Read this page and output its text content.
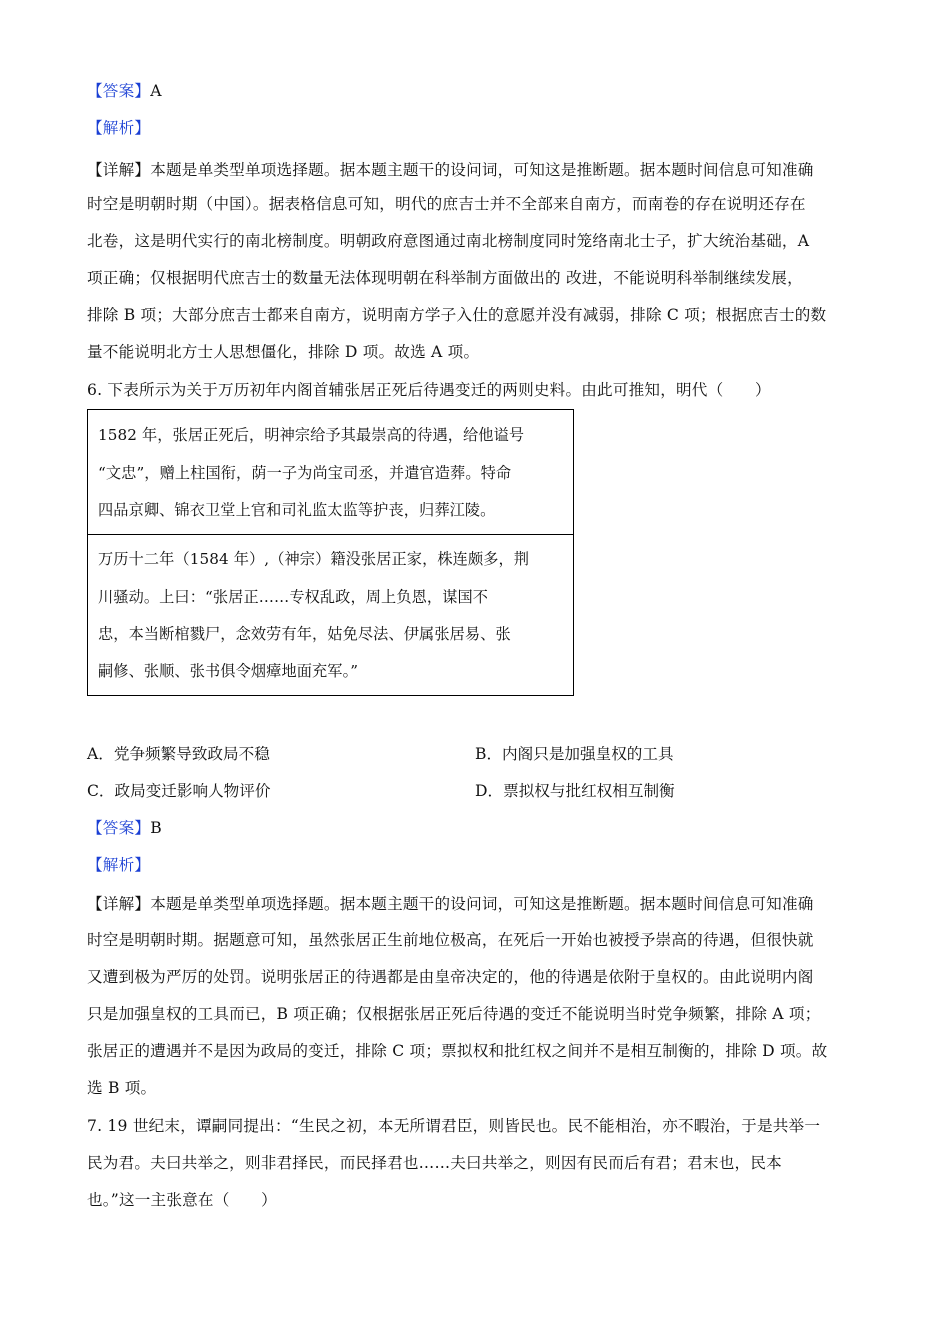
【答案】A
【解析】
【详解】本题是单类型单项选择题。据本题主题干的设问词，可知这是推断题。据本题时间信息可知准确
时空是明朝时期（中国）。据表格信息可知，明代的庶吉士并不全部来自南方，而南卷的存在说明还存在
北卷，这是明代实行的南北榜制度。明朝政府意图通过南北榜制度同时笼络南北士子，扩大统治基础，A
项正确；仅根据明代庶吉士的数量无法体现明朝在科举制方面做出的 改进，不能说明科举制继续发展，
排除 B 项；大部分庶吉士都来自南方，说明南方学子入仕的意愿并没有减弱，排除 C 项；根据庶吉士的数
量不能说明北方士人思想僵化，排除 D 项。故选 A 项。
6. 下表所示为关于万历初年内阁首辅张居正死后待遇变迁的两则史料。由此可推知，明代（　　）
1582 年，张居正死后，明神宗给予其最崇高的待遇，给他谥号
“文忠”，赠上柱国衔，荫一子为尚宝司丞，并遣官造葬。特命
四品京卿、锦衣卫堂上官和司礼监太监等护丧，归葬江陵。
万历十二年（1584 年）,（神宗）籍没张居正家，株连颇多，荆
川骚动。上曰：“张居正……专权乱政，周上负恩，谋国不
忠，本当断棺戮尸，念效劳有年，姑免尽法、伊属张居易、张
嗣修、张顺、张书俱令烟瘴地面充军。”
A．党争频繁导致政局不稳	B．内阁只是加强皇权的工具
C．政局变迁影响人物评价	D．票拟权与批红权相互制衡
【答案】B
【解析】
【详解】本题是单类型单项选择题。据本题主题干的设问词，可知这是推断题。据本题时间信息可知准确
时空是明朝时期。据题意可知，虽然张居正生前地位极高，在死后一开始也被授予崇高的待遇，但很快就
又遭到极为严厉的处罚。说明张居正的待遇都是由皇帝决定的，他的待遇是依附于皇权的。由此说明内阁
只是加强皇权的工具而已，B 项正确；仅根据张居正死后待遇的变迁不能说明当时党争频繁，排除 A 项；
张居正的遭遇并不是因为政局的变迁，排除 C 项；票拟权和批红权之间并不是相互制衡的，排除 D 项。故
选 B 项。
7. 19 世纪末，谭嗣同提出：“生民之初，本无所谓君臣，则皆民也。民不能相治，亦不暇治，于是共举一
民为君。夫曰共举之，则非君择民，而民择君也……夫曰共举之，则因有民而后有君；君末也，民本
也。”这一主张意在（　　）
